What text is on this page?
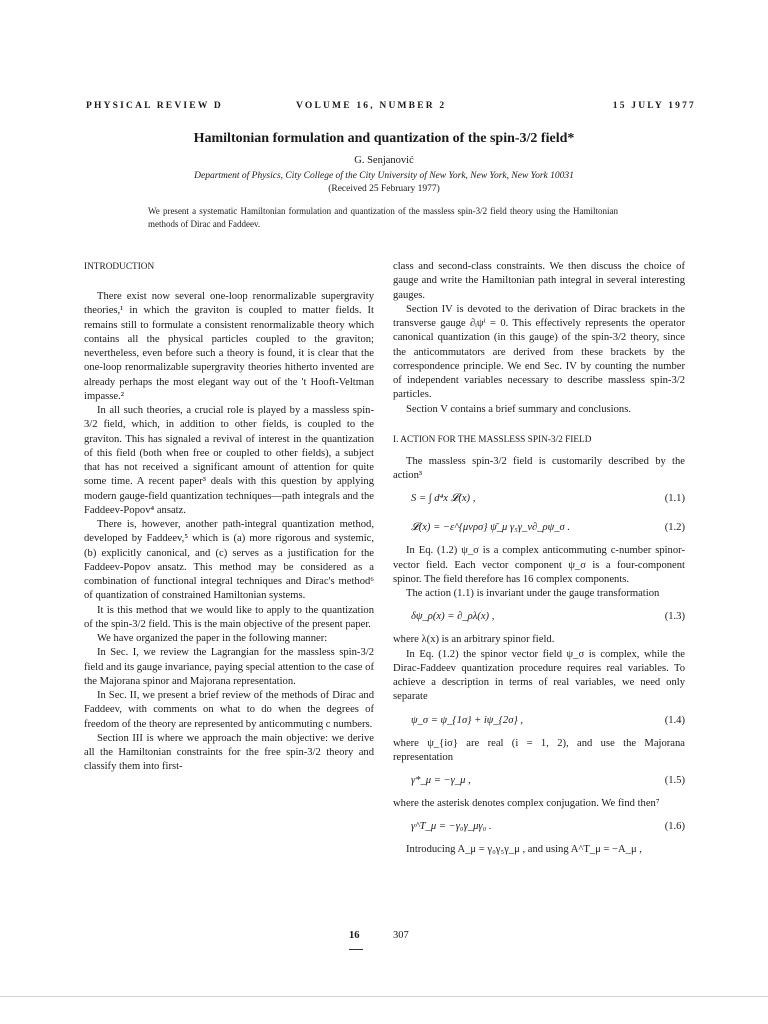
PHYSICAL REVIEW D	VOLUME 16, NUMBER 2	15 JULY 1977
Hamiltonian formulation and quantization of the spin-3/2 field*
G. Senjanović
Department of Physics, City College of the City University of New York, New York, New York 10031
(Received 25 February 1977)
We present a systematic Hamiltonian formulation and quantization of the massless spin-3/2 field theory using the Hamiltonian methods of Dirac and Faddeev.

INTRODUCTION

There exist now several one-loop renormalizable supergravity theories,¹ in which the graviton is coupled to matter fields. It remains still to formulate a consistent renormalizable theory which contains all the physical particles coupled to the graviton; nevertheless, even before such a theory is found, it is clear that the one-loop renormalizable supergravity theories hitherto invented are already perhaps the most elegant way out of the 't Hooft-Veltman impasse.²

In all such theories, a crucial role is played by a massless spin-3/2 field, which, in addition to other fields, is coupled to the graviton. This has signaled a revival of interest in the quantization of this field (both when free or coupled to other fields), a subject that has not received a significant amount of attention for quite some time. A recent paper³ deals with this question by applying modern gauge-field quantization techniques—path integrals and the Faddeev-Popov⁴ ansatz.

There is, however, another path-integral quantization method, developed by Faddeev,⁵ which is (a) more rigorous and systemic, (b) explicitly canonical, and (c) serves as a justification for the Faddeev-Popov ansatz. This method may be considered as a combination of functional integral techniques and Dirac's method⁶ of quantization of constrained Hamiltonian systems.

It is this method that we would like to apply to the quantization of the spin-3/2 field. This is the main objective of the present paper.

We have organized the paper in the following manner:

In Sec. I, we review the Lagrangian for the massless spin-3/2 field and its gauge invariance, paying special attention to the case of the Majorana spinor and Majorana representation.

In Sec. II, we present a brief review of the methods of Dirac and Faddeev, with comments on what to do when the degrees of freedom of the theory are represented by anticommuting c numbers.

Section III is where we approach the main objective: we derive all the Hamiltonian constraints for the free spin-3/2 theory and classify them into first-

class and second-class constraints. We then discuss the choice of gauge and write the Hamiltonian path integral in several interesting gauges.

Section IV is devoted to the derivation of Dirac brackets in the transverse gauge ∂ᵢψⁱ = 0. This effectively represents the operator canonical quantization (in this gauge) of the spin-3/2 theory, since the anticommutators are derived from these brackets by the correspondence principle. We end Sec. IV by counting the number of independent variables necessary to describe massless spin-3/2 particles.

Section V contains a brief summary and conclusions.

I. ACTION FOR THE MASSLESS SPIN-3/2 FIELD

The massless spin-3/2 field is customarily described by the action³

S = ∫ d⁴x 𝓛(x) ,	(1.1)
𝓛(x) = −ε^{μνρσ} ψ̄_μ γ₅γ_ν∂_ρψ_σ .	(1.2)

In Eq. (1.2) ψ_σ is a complex anticommuting c-number spinor-vector field. Each vector component ψ_σ is a four-component spinor. The field therefore has 16 complex components.

The action (1.1) is invariant under the gauge transformation

δψ_ρ(x) = ∂_ρλ(x) ,	(1.3)

where λ(x) is an arbitrary spinor field.

In Eq. (1.2) the spinor vector field ψ_σ is complex, while the Dirac-Faddeev quantization procedure requires real variables. To achieve a description in terms of real variables, we need only separate

ψ_σ = ψ_{1σ} + iψ_{2σ} ,	(1.4)

where ψ_{iσ} are real (i = 1, 2), and use the Majorana representation

γ*_μ = −γ_μ ,	(1.5)

where the asterisk denotes complex conjugation. We find then⁷

γ^T_μ = −γ₀γ_μγ₀ .	(1.6)

Introducing A_μ = γ₀γ₅γ_μ , and using A^T_μ = −A_μ ,

16	307
